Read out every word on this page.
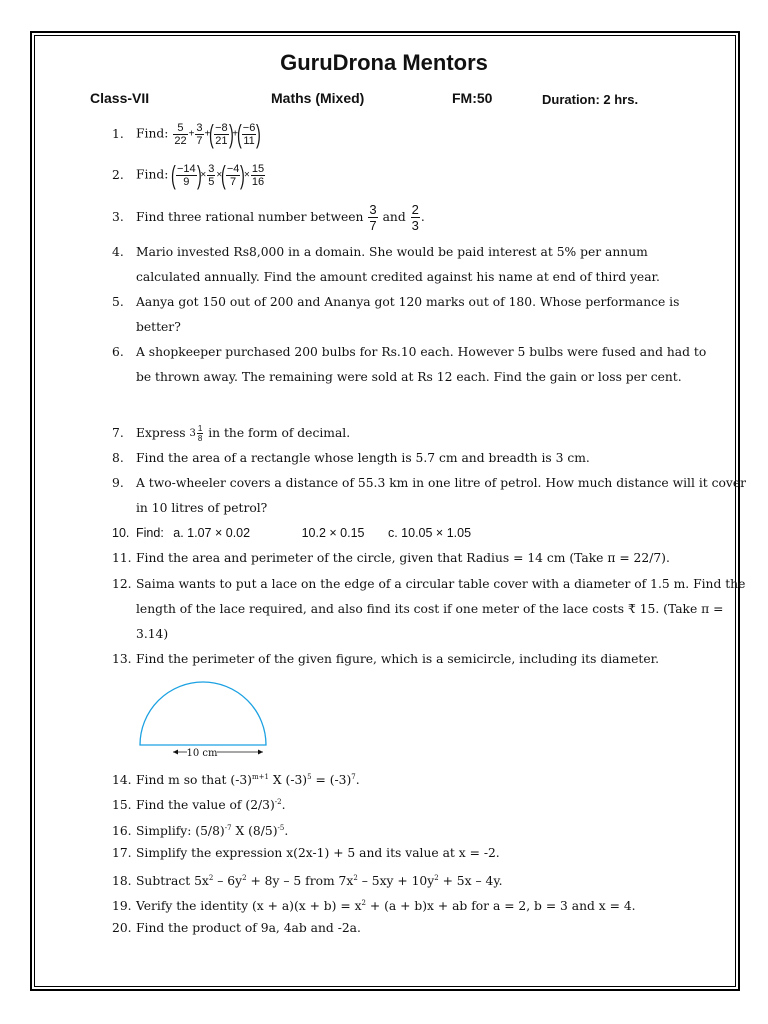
GuruDrona Mentors
Class-VII	Maths (Mixed)	FM:50	Duration: 2 hrs.
1. Find: $\frac{5}{22} + \frac{3}{7}$ +( $\frac{-8}{21}$ )+( $\frac{-6}{11}$ )
2. Find: ( $\frac{-14}{9}$ )× $\frac{3}{5}$ ×( $\frac{-4}{7}$ )× $\frac{15}{16}$
3. Find three rational number between $\frac{3}{7}$ and $\frac{2}{3}$ .
4. Mario invested Rs8,000 in a domain. She would be paid interest at 5% per annum
calculated annually. Find the amount credited against his name at end of third year.
5. Aanya got 150 out of 200 and Ananya got 120 marks out of 180. Whose performance is
better?
6. A shopkeeper purchased 200 bulbs for Rs.10 each. However 5 bulbs were fused and had to
be thrown away. The remaining were sold at Rs 12 each. Find the gain or loss per cent.
7. Express $3 \frac{1}{8}$ in the form of decimal.
8. Find the area of a rectangle whose length is 5.7 cm and breadth is 3 cm.
9. A two-wheeler covers a distance of 55.3 km in one litre of petrol. How much distance will it cover
in 10 litres of petrol?
10. Find: a. 1.07 × 0.02	10.2 × 0.15 c. 10.05 × 1.05
11. Find the area and perimeter of the circle, given that Radius = 14 cm (Take π = 22/7).
12. Saima wants to put a lace on the edge of a circular table cover with a diameter of 1.5 m. Find the
length of the lace required, and also find its cost if one meter of the lace costs ₹ 15. (Take π =
3.14)
13. Find the perimeter of the given figure, which is a semicircle, including its diameter.
10 cm
14. Find m so that $(-3)^{m+1}$ X $(-3)^5 = (-3)^7$.
15. Find the value of $(2/3)^{-2}$.
16. Simplify: $(5/8)^{-7}$ X $(8/5)^{-5}$.
17. Simplify the expression x(2x-1) + 5 and its value at x = -2.
18. Subtract $5x^2 - 6y^2 + 8y - 5$ from $7x^2 - 5xy + 10y^2 + 5x - 4y$.
19. Verify the identity $(x + a)(x + b) = x^2 + (a + b)x$ + ab for a = 2, b = 3 and x = 4.
20. Find the product of 9a, 4ab and -2a.
